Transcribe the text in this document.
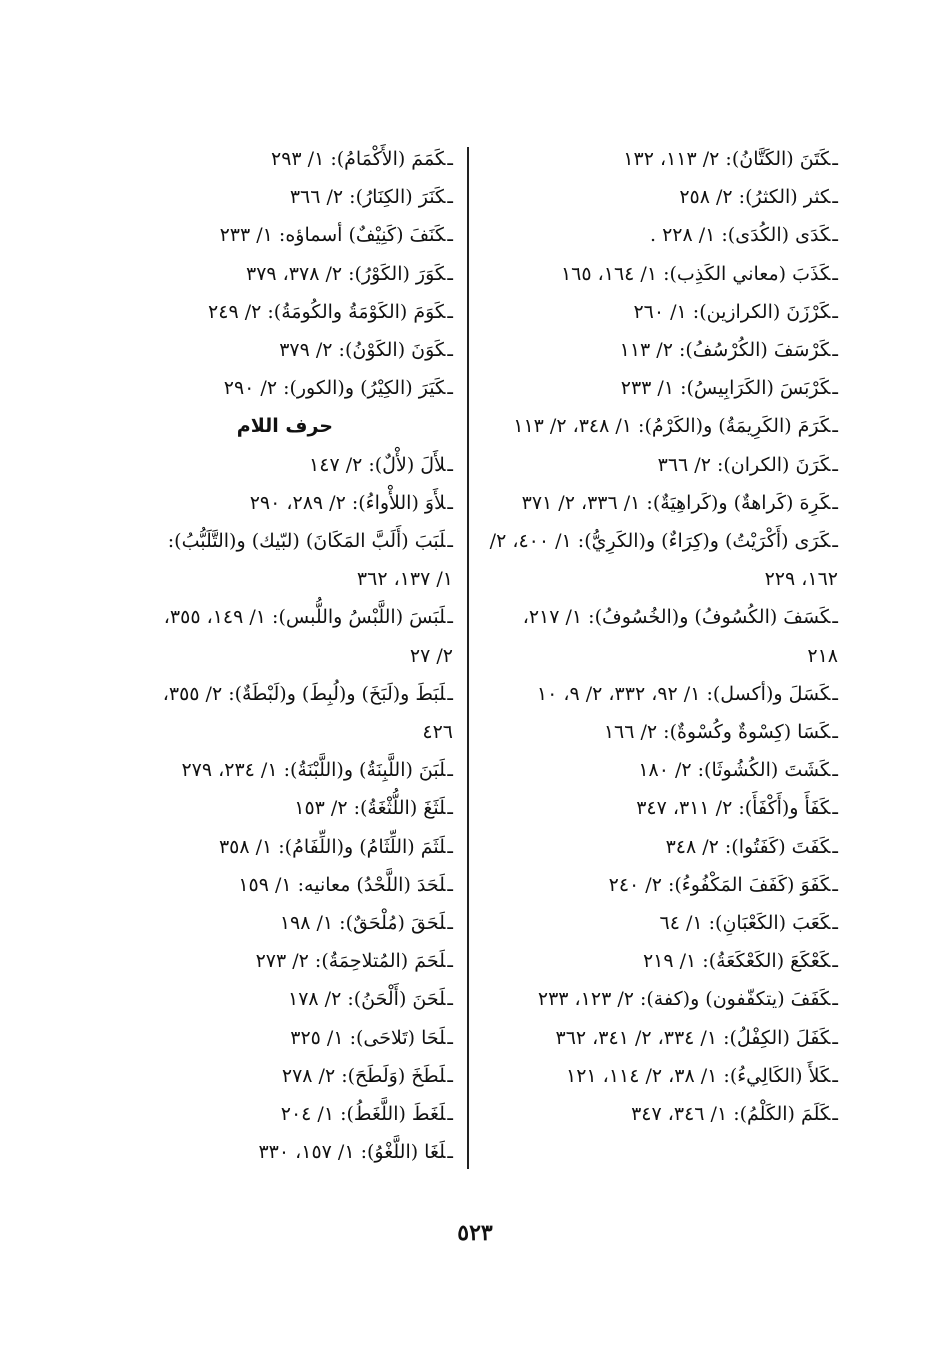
ـكَتَنَ (الكَتَّانُ): ٢/ ١١٣، ١٣٢
ـكثر (الكثرُ): ٢/ ٢٥٨
ـكَدَى (الكُدَى): ١/ ٢٢٨ .
ـكَذَبَ (معاني الكَذِب): ١/ ١٦٤، ١٦٥
ـكَرْزَنَ (الكرازين): ١/ ٢٦٠
ـكَرْسَفَ (الكُرْسُفُ): ٢/ ١١٣
ـكَرْبَسَ (الكَرَابِيسُ): ١/ ٢٣٣
ـكَرَمَ (الكَرِيمَةُ) و(الكَرْمُ): ١/ ٣٤٨، ٢/ ١١٣
ـكَرَنَ (الكران): ٢/ ٣٦٦
ـكَرِهَ (كَراهةٌ) و(كَراهِيَةٌ): ١/ ٣٣٦، ٢/ ٣٧١
ـكَرَى (أَكْرَيْتُ) و(كِرَاءٌ) و(الكَرِيُّ): ١/ ٤٠٠، ٢/ ١٦٢، ٢٢٩
ـكَسَفَ (الكُسُوفُ) و(الخُسُوفُ): ١/ ٢١٧، ٢١٨
ـكَسَلَ و(أكسل): ١/ ٩٢، ٣٣٢، ٢/ ٩، ١٠
ـكَسَا (كِسْوةٌ وكُسْوةٌ): ٢/ ١٦٦
ـكَشَتَ (الكُشُوثَا): ٢/ ١٨٠
ـكَفَأَ و(أَكْفَأَ): ٢/ ٣١١، ٣٤٧
ـكَفَتَ (كَفَتُوا): ٢/ ٣٤٨
ـكَفَوَ (كَفَفَ المَكْفُوءُ): ٢/ ٢٤٠
ـكَعَبَ (الكَعْبَانِ): ١/ ٦٤
ـكَعْكَعَ (الكَعْكَعَةُ): ١/ ٢١٩
ـكَفَفَ (يتكفّفون) و(كفة): ٢/ ١٢٣، ٢٣٣
ـكَفَلَ (الكِفْلُ): ١/ ٣٣٤، ٢/ ٣٤١، ٣٦٢
ـكَلأَ (الكَالِيءُ): ١/ ٣٨، ٢/ ١١٤، ١٢١
ـكَلَمَ (الكَلْمُ): ١/ ٣٤٦، ٣٤٧
ـكَمَمَ (الأَكْمَامُ): ١/ ٢٩٣
ـكَنَرَ (الكِنَارُ): ٢/ ٣٦٦
ـكَنَفَ (كَنِيْفٌ) أسماؤه: ١/ ٢٣٣
ـكَوَرَ (الكَوْرُ): ٢/ ٣٧٨، ٣٧٩
ـكَوَمَ (الكَوْمَةُ والكُومَةُ): ٢/ ٢٤٩
ـكَوَنَ (الكَوْنُ): ٢/ ٣٧٩
ـكَيَرَ (الكِيْرُ) و(الكور): ٢/ ٢٩٠
حرف اللام
ـلأَلَ (لأْلٌ): ٢/ ١٤٧
ـلأَوَ (اللأْواءُ): ٢/ ٢٨٩، ٢٩٠
ـلَبَبَ (أَلَبَّ المَكَانَ) (لبّيك) و(التَّلَبُّبُ): ١/ ١٣٧، ٣٦٢
ـلَبَسَ (اللَّبْسُ واللُّبس): ١/ ١٤٩، ٣٥٥، ٢/ ٢٧
ـلَبَطَ و(لَبَخَ) و(لُبِطَ) و(لَبْطَةٌ): ٢/ ٣٥٥، ٤٢٦
ـلَبَنَ (اللَّبِنَةُ) و(اللَّبْنَةُ): ١/ ٢٣٤، ٢٧٩
ـلَثَغَ (اللُّثْغَةُ): ٢/ ١٥٣
ـلَثَمَ (اللِّثَامُ) و(اللِّفَامُ): ١/ ٣٥٨
ـلَحَدَ (اللَّحْدُ) معانيه: ١/ ١٥٩
ـلَحَقَ (مُلْحَقٌ): ١/ ١٩٨
ـلَحَمَ (المُتلاحِمَةُ): ٢/ ٢٧٣
ـلَحَنَ (أَلْحَنُ): ٢/ ١٧٨
ـلَحَا (تَلاحَى): ١/ ٣٢٥
ـلَطَخَ (وَلَطَحَ): ٢/ ٢٧٨
ـلَغَطَ (اللَّغَطُ): ١/ ٢٠٤
ـلَغَا (اللَّغْوُ): ١/ ١٥٧، ٣٣٠
٥٢٣
